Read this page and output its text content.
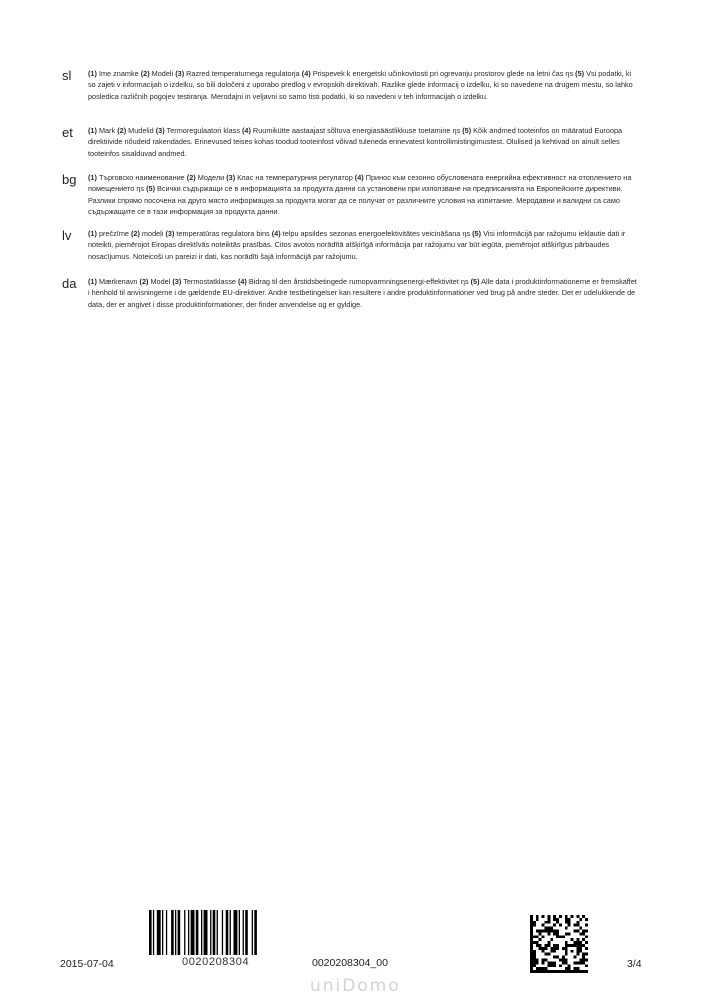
sl	(1) Ime znamke (2) Modeli (3) Razred temperaturnega regulatorja (4) Prispevek k energetski učinkovitosti pri ogrevanju prostorov glede na letni čas ηs (5) Vsi podatki, ki so zajeti v informacijah o izdelku, so bili določeni z uporabo predlog v evropskih direktivah. Razlike glede informacij o izdelku, ki so navedene na drugem mestu, so lahko posledica različnih pogojev testiranja. Merodajni in veljavni so samo tisti podatki, ki so navedeni v teh informacijah o izdelku.
et	(1) Mark (2) Mudelid (3) Termoregulaatori klass (4) Ruumikütte aastaajast sõltuva energiasäästlikkuse toetamine ηs (5) Kõik andmed tooteinfos on määratud Euroopa direktiivide nõudeid rakendades. Erinevused teises kohas toodud tooteinfost võivad tuleneda erinevatest kontrollimistingimustest. Olulised ja kehtivad on ainult selles tooteinfos sisalduvad andmed.
bg	(1) Търговско наименование (2) Модели (3) Клас на температурния регулатор (4) Принос към сезонно обусловената енергийна ефективност на отоплението на помещението ηs (5) Всички съдържащи се в информацията за продукта данни са установени при използване на предписанията на Европейските директиви. Разлики спрямо посочена на друго място информация за продукта могат да се получат от различните условия на изпитание. Меродавни и валидни са само съдържащите се в тази информация за продукта данни.
lv	(1) prečzīme (2) modeļi (3) temperatūras regulatora bins (4) telpu apsildes sezonas energoefektivitātes veicināšana ηs (5) Visi informācijā par ražojumu iekļautie dati ir noteikti, piemērojot Eiropas direktīvās noteiktās prasības. Citos avotos norādītā atšķirīgā informācija par ražojumu var būt iegūta, piemērojot atšķirīgus pārbaudes nosacījumus. Noteicoši un pareizi ir dati, kas norādīti šajā informācijā par ražojumu.
da	(1) Mærkenavn (2) Model (3) Termostatklasse (4) Bidrag til den årstidsbetingede rumopvarmningsenergi-effektivitet ηs (5) Alle data i produktinformationerne er fremskaffet i henhold til anvisningerne i de gældende EU-direktiver. Andre testbetingelser kan resultere i andre produktinformationer ved brug på andre steder. Det er udelukkende de data, der er angivet i disse produktinformationer, der finder anvendelse og er gyldige.
2015-07-04	0020208304	0020208304_00	3/4
uniDomo
